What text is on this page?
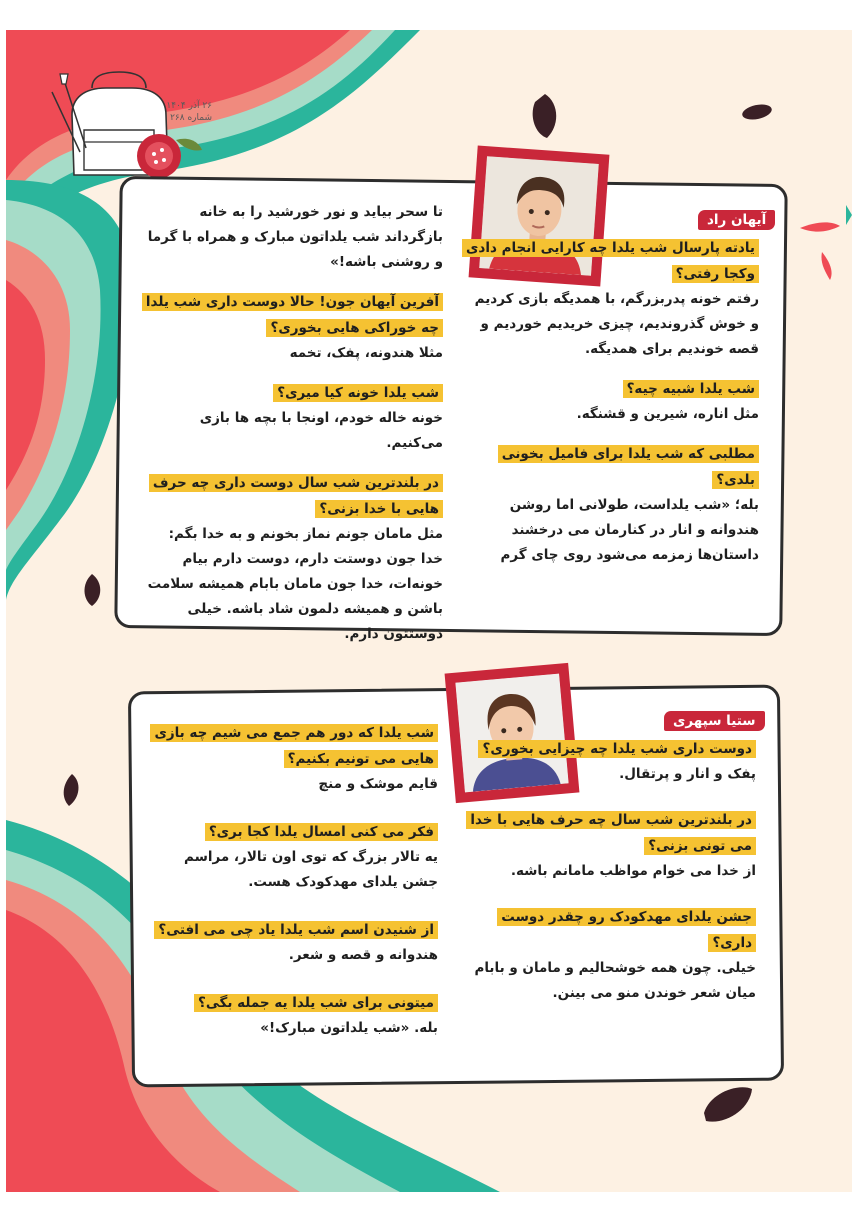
۲۶ آذر ۱۴۰۴
شماره ۲۶۸
آیهان راد
یادته پارسال شب یلدا چه کارایی انجام دادی وکجا رفتی؟
رفتم خونه پدربزرگم، با همدیگه بازی کردیم و خوش گذروندیم، چیزی خریدیم خوردیم و قصه خوندیم برای همدیگه.
شب یلدا شبیه چیه؟
مثل اناره، شیرین و قشنگه.
مطلبی که شب یلدا برای فامیل بخونی بلدی؟
بله؛ «شب یلداست، طولانی اما روشن هندوانه و انار در کنارمان می درخشند داستان‌ها زمزمه می‌شود روی چای گرم
تا سحر بیاید و نور خورشید را به خانه بازگرداند شب یلداتون مبارک و همراه با گرما و روشنی باشه!»
آفرین آیهان جون! حالا دوست داری شب یلدا چه خوراکی هایی بخوری؟
مثلا هندونه، پفک، تخمه
شب یلدا خونه کیا میری؟
خونه خاله خودم، اونجا با بچه ها بازی می‌کنیم.
در بلندترین شب سال دوست داری چه حرف هایی با خدا بزنی؟
مثل مامان جونم نماز بخونم و به خدا بگم: خدا جون دوستت دارم، دوست دارم بیام خونه‌ات، خدا جون مامان بابام همیشه سلامت باشن و همیشه دلمون شاد باشه. خیلی دوستتون دارم.
ستیا سپهری
دوست داری شب یلدا چه چیزایی بخوری؟
پفک و انار و پرتقال.
در بلندترین شب سال چه حرف هایی با خدا می تونی بزنی؟
از خدا می خوام مواظب مامانم باشه.
جشن یلدای مهدکودک رو چقدر دوست داری؟
خیلی. چون همه خوشحالیم و مامان و بابام میان شعر خوندن منو می بینن.
شب یلدا که دور هم جمع می شیم چه بازی هایی می تونیم بکنیم؟
قایم موشک و منچ
فکر می کنی امسال یلدا کجا بری؟
یه تالار بزرگ که توی اون تالار، مراسم جشن یلدای مهدکودک هست.
از شنیدن اسم شب یلدا یاد چی می افتی؟
هندوانه و قصه و شعر.
میتونی برای شب یلدا یه جمله بگی؟
بله. «شب یلداتون مبارک!»
